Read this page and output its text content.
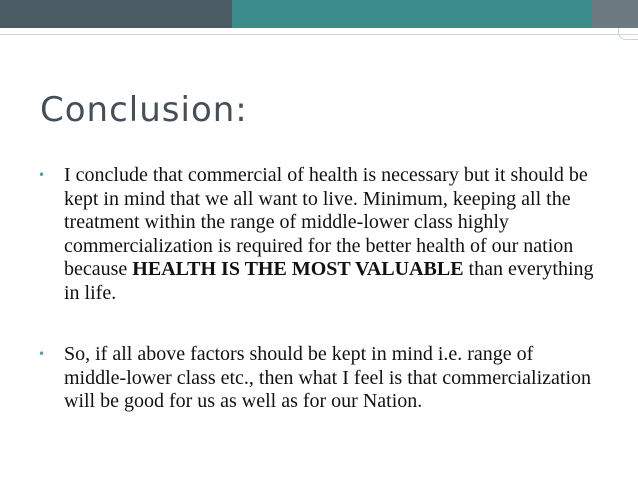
Conclusion:
• I conclude that commercial of health is necessary but it should be kept in mind that we all want to live. Minimum, keeping all the treatment within the range of middle-lower class highly commercialization is required for the better health of our nation because HEALTH IS THE MOST VALUABLE than everything in life.
• So, if all above factors should be kept in mind i.e. range of middle-lower class etc., then what I feel is that commercialization will be good for us as well as for our Nation.
